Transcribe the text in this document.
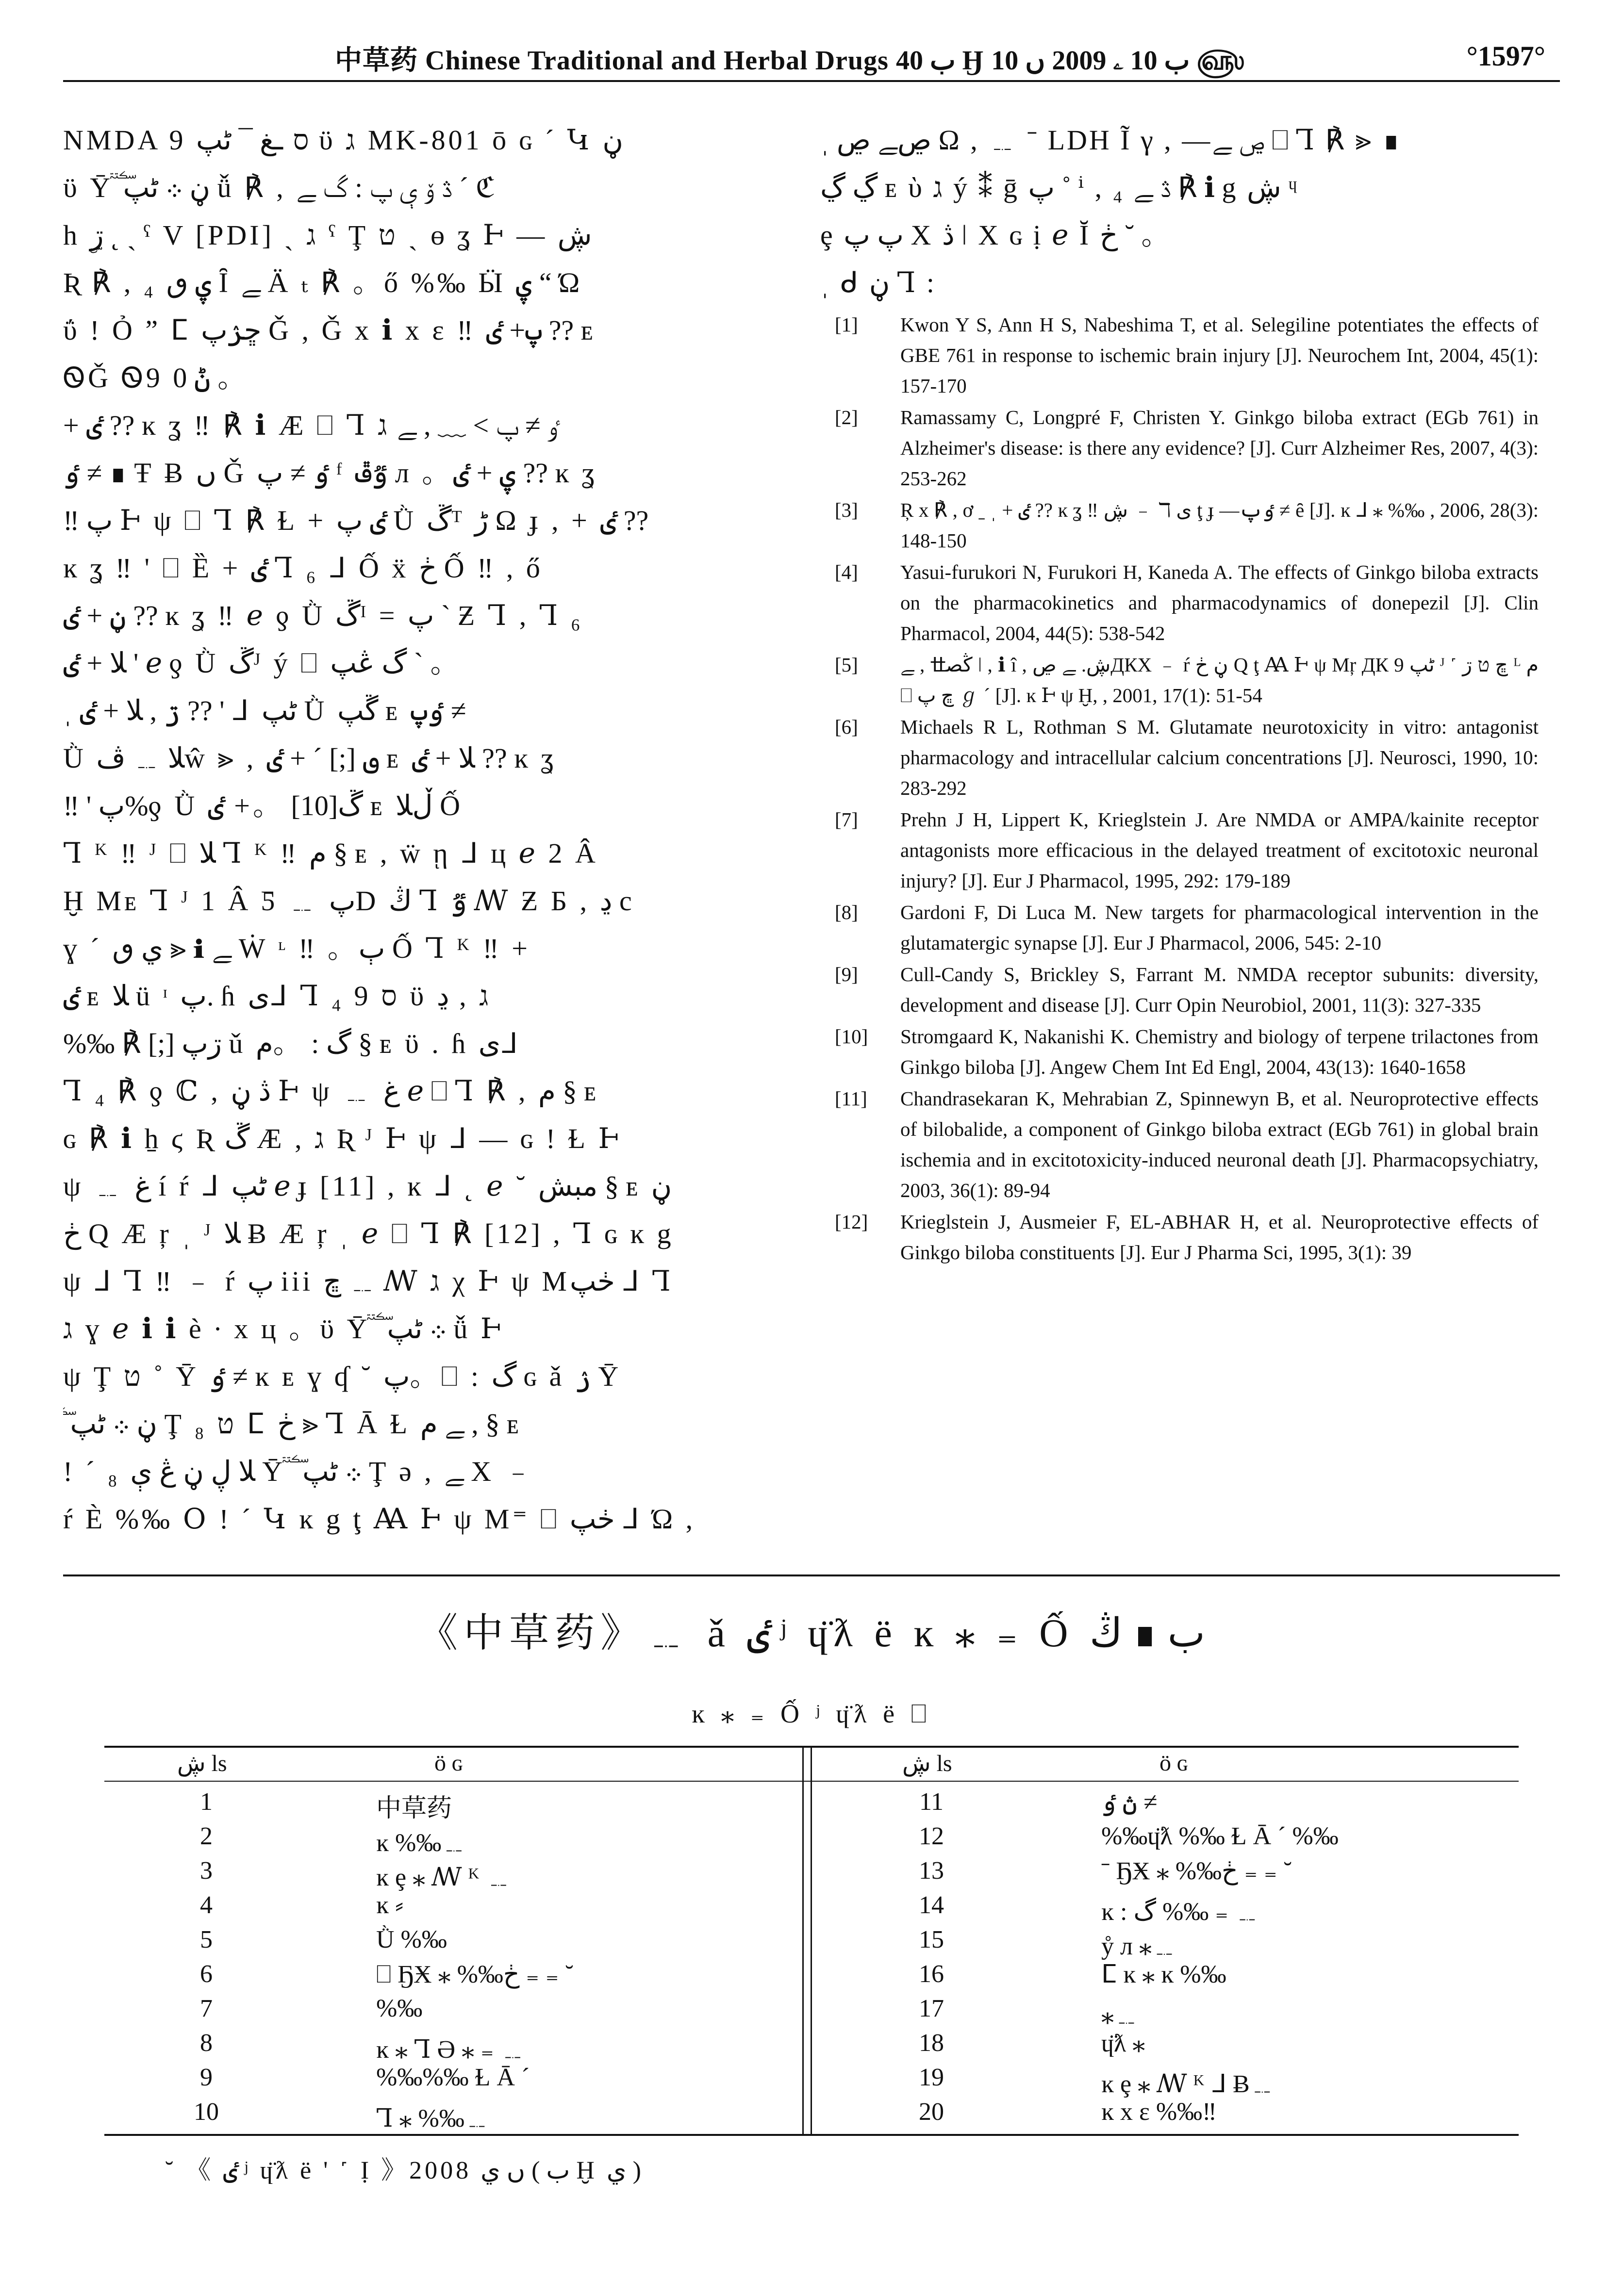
中草药 Chinese Traditional and Herbal Drugs ب 40 Ӈ ب 10 ۦ 2009 ں 10 ௵	°1597°

NMDA 9 ס ـغ ¯ ٹپ ϋ ג MK-801 ō ɢ ˊ Կ ڼ

ϋ Ῡ ࣝڼ ܀ ٹپ ǚ ℟ , ڎ ۆ ې پ : گ ﮯ ˊ ℭ

h ۣڗ ˛ ˎ ˤ V [PDI] ˏ ג ˁ Ţ ט ˎ ɵ ʓ Ͱ ― ڜ

Ʀ ℟ , ₄ ۑ ٯ Ȋ ﮯ Ӓ ₜ ℟ 。ő %‰ Ӹ ۑ “ Ώ

ΰ ǃ Ỏ ” ⵎ ڇۯپ Ǧ , Ǧ x ℹ x ε ‼ پ+ ٸ ?? ᴇ

ᏫǦ Ꮻ9 ݨ 0 。

+ ٸ ?? ĸ ʓ ‼ ℟ ℹ Æ ⎕ Ꞁ ٶ ≠ پ > ﹏ , ﮯ ג

ٶ ≠ ∎ Ŧ Ƀ ں Ǧ ٶ ≠ پ ᶠ ٷڦ л 。ۑ + ٸ ?? ĸ ʓ

‼ پ Ͱ ψ ⎕ Ꞁ ℟ Ɫ + ٸ پ Ǜ ڱᵀ ڑ Ω ɟ , + ٸ ??

ĸ ʓ ‼ ' ⎕ Ȅ + ٸ Ꞁ ₆ ᒧ Ố ẍ ڂ Ố ‼ , ő

ڼ + ٸ ?? ĸ ʓ ‼ ℯ ƍ Ǜ ڱᴵ = پ ˋ Ƶ Ꞁ , Ꞁ ₆

ﻼ + ٸ ' ℯ ƍ Ǜ ڱᴶ ý ⎕ گ ڠپ ` 。

ˌ ڗ , ﻼ + ٸ ?? ' ᒧ ٹپ Ǜ ڱپ ᴇ ٶپ ≠

Ǜ ﻼ ﹎ ڤŵ ⪢ , ٯ [;] ˊ + ٸ ᴇ ﻼ + ٸ ?? ĸ ʓ

‼ ' پ%ƍ Ǜ ڱ[10] 。+ ٸ ᴇ ڵﻼ Ố

Ꞁ ᴷ ‼ ᴶ ⎕ ﻼ Ꞁ ᴷ ‼ م § ᴇ , ẅ ῃ ᒧ ц ℯ 2 Â

Ḫ Mᴇ Ꞁ ᴶ 1 Â Ƽ ﹎ پD ڭ Ꞁ ٷ ꟿ Ƶ Б , ڍ c

ɣ ˊ ي ٯ ⪢ ℹ ﮯ Ẇ ᶫ ‼ 。ٻ Ố Ꞁ ᴷ ‼ +

ٸ ᴇ ﻼ ü ᶦ پ. ɦ یᒧ Ꞁ ₄ 9 ס ϋ ג , ڍ

%‰ ℟ [;] ڗپ ǔ گ : 。م § ᴇ ϋ . ɦ یᒧ

Ꞁ ₄ ℟ ƍ ℂ , ڎ ڼ Ͱ ψ ﹎ ﻍ ℯ ⎕ Ꞁ ℟ , م § ᴇ

ɢ ℟ ℹ ẖ ϛ Ʀ ڱ Æ , ג Ʀ ᴶ Ͱ ψ ᒧ ― ɢ ǃ Ɫ Ͱ

ψ ﹎ ﻍ í ŕ ᒧ ٹپ ℯ ɟ [11] , ĸ ᒧ ˛ ℯ ˘ مبش § ᴇ ڼ

ڂ Q Æ ŗ ˌ ᴶ ﻼ Ƀ Æ ŗ ˌ ℯ ⎕ Ꞁ ℟ [12] , Ꞁ ɢ ĸ g

ψ ᒧ Ꞁ ‼ ﹣ ŕ پ iii ڇ ﹎ ꟿ ג χ Ͱ ψ Mڂپ ᒧ Ꞁ

ג ɣ ℯ ℹ ℹ è ∙ x ц 。ϋ Ῡ ࣝ ܀ ٹپ ǚ Ͱ

ψ Ţ ט ˚ Ῡ ٶ ≠ ĸ ᴇ ɣ ʠ ˘ پ。⎕ : گ ɢ ǎ ۯ Ῡ

ࣝ ڼ ܀ ٹپ Ţ ט ₈ ⵎ ڂ ⪢ Ꞁ Ā Ɫ ﮯ م , § ᴇ

ǃ ˊ ₈ ﻼ ڸ ڼ ڠ ې Ῡ ࣝ ܀ ٹپ Ţ ә , ﮯ X ﹣

ŕ È %‰ Օ ǃ ˊ Կ ĸ g ţ Ꜳ Ͱ ψ M⁼ ⎕ ڂپ ᒧ Ώ ,

ˌ ڝﮯ ڝ Ω , ﹎ ˉ LDH Ĩ γ , ―ڝ ﮯ ⎕ Ꞁ ℟ ⪢ ∎

ڲ ڲ ᴇ ὺ ג ý ⁑ ḡ پ ˚ ⁱ , ₄ ڎ ﮯ ℟ ℹ g ڜ ᶣ

ȩ پ پ X ﮆ ǀ X ɢ ị ℯ Ĭ ڂ ˘ 。

ˌ ᑯ ڼ Ꞁ :

[1] Kwon Y S, Ann H S, Nabeshima T, et al. Selegiline potentiates the effects of GBE 761 in response to ischemic brain injury [J]. Neurochem Int, 2004, 45(1): 157-170
[2] Ramassamy C, Longpré F, Christen Y. Ginkgo biloba extract (EGb 761) in Alzheimer's disease: is there any evidence? [J]. Curr Alzheimer Res, 2007, 4(3): 253-262
[3] Ŗ x ℟ , ơ ˍ ˌ + ٸ ?? ĸ ʓ ‼ ڜ ﹣ ℸ ی ţ ɟ ―ٶپ ≠ ȇ [J]. ĸ ᒧ ⁎ %‰ , 2006, 28(3): 148-150
[4] Yasui-furukori N, Furukori H, Kaneda A. The effects of Ginkgo biloba extracts on the pharmacokinetics and pharmacodynamics of donepezil [J]. Clin Pharmacol, 2004, 44(5): 538-542
[5] ڭصߚ , ﮯ ǀ , ℹ î , ڜ. ﮯ ڝДКХ ﹣ ŕ ڼ ڂ Q ţ Ꜳ Ͱ ψ Mŗ ДК 9 ٹپ ᴶ ˹ ڇ ט ڗ ᴸ م ⎕ ڇ پ ℊ ˊ [J]. ĸ Ͱ ψ Ḫ, , 2001, 17(1): 51-54
[6] Michaels R L, Rothman S M. Glutamate neurotoxicity in vitro: antagonist pharmacology and intracellular calcium concentrations [J]. Neurosci, 1990, 10: 283-292
[7] Prehn J H, Lippert K, Krieglstein J. Are NMDA or AMPA/kainite receptor antagonists more efficacious in the delayed treatment of excitotoxic neuronal injury? [J]. Eur J Pharmacol, 1995, 292: 179-189
[8] Gardoni F, Di Luca M. New targets for pharmacological intervention in the glutamatergic synapse [J]. Eur J Pharmacol, 2006, 545: 2-10
[9] Cull-Candy S, Brickley S, Farrant M. NMDA receptor subunits: diversity, development and disease [J]. Curr Opin Neurobiol, 2001, 11(3): 327-335
[10] Stromgaard K, Nakanishi K. Chemistry and biology of terpene trilactones from Ginkgo biloba [J]. Angew Chem Int Ed Engl, 2004, 43(13): 1640-1658
[11] Chandrasekaran K, Mehrabian Z, Spinnewyn B, et al. Neuroprotective effects of bilobalide, a component of Ginkgo biloba extract (EGb 761) in global brain ischemia and in excitotoxicity-induced neuronal death [J]. Pharmacopsychiatry, 2003, 36(1): 89-94
[12] Krieglstein J, Ausmeier F, EL-ABHAR H, et al. Neuroprotective effects of Ginkgo biloba constituents [J]. Eur J Pharma Sci, 1995, 3(1): 39
《中草药》﹎ ǎ ٸ ʲ ɥ̈ƛ ë ĸ ⁎ ₌ Ố ب ∎ ڭ
ĸ ⁎ ₌ Ố ʲ ɥ̈ƛ ë ⎕
ڜ ls	ö ɢ
1	中草药
2	ĸ %‰﹎
3	ĸ ȩ ⁎ ꟿ ᴷ ﹎
4	ĸ ⸗
5	Ǜ %‰
6	⎕ ҔӾ ⁎ %‰ڂ ₌ ₌ ˘
7	%‰
8	ĸ ⁎ Ꞁ Ә ⁎ ₌ ﹎
9	%‰%‰ Ɫ Ā ˊ
10	Ꞁ ⁎ %‰﹎
ڜ ls	ö ɢ
11	ڽ ٶ ≠
12	%‰ɥ̈ƛ %‰ Ɫ Ā ˊ %‰
13	ˉ ҔӾ ⁎ %‰ڂ ₌ ₌ ˘
14	ĸ : گ %‰ ₌ ﹎
15	ẙ л ⁎﹎
16	ⵎ ĸ ⁎ ĸ %‰
17	⁎﹎
18	ɥ̈ƛ ⁎
19	ĸ ȩ ⁎ ꟿ ᴷ ᒧ Ƀ﹎
20	ĸ x ε %‰‼
˘ 《 ٸ ʲ ɥ̈ƛ ë ' ˹ Ị 》2008 ں ي ( ب Ḫ ي )
